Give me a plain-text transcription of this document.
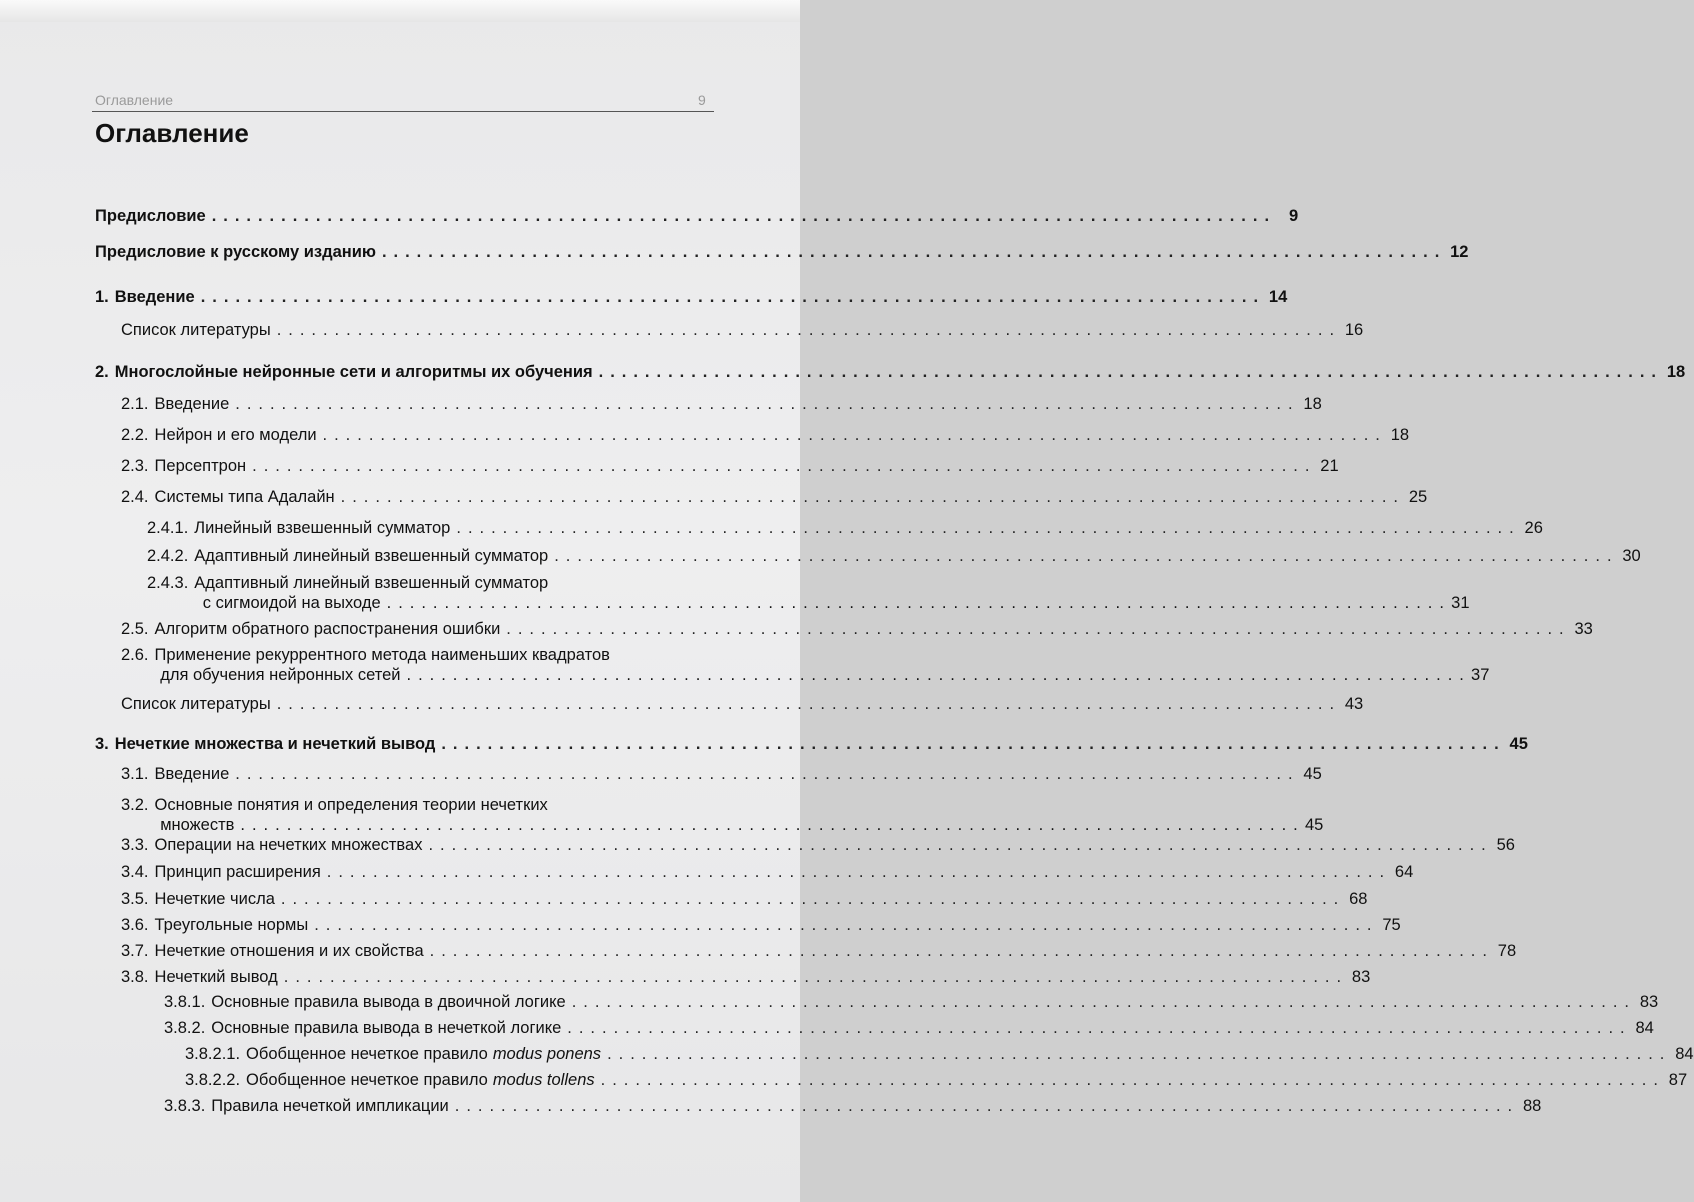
Оглавление	9
Оглавление
Предисловие . . . . . . . . . . . . . . . . . . . . . . . . . . . . . . . . . . . . . . . . . . . . . . . . . . . . . . . . . . . . . . . . . . . . . . . . . . . . . . . . . . . . . . . . . . . .	9
Предисловие к русскому изданию . . . . . . . . . . . . . . . . . . . . . . . . . . . . . . . . . . . . . . . . . . . . . . . . . . . . . . . . . . . . . . . . . . . . . . . . . . . . . . . . . . . . . . . . . . . . 12
1. Введение . . . . . . . . . . . . . . . . . . . . . . . . . . . . . . . . . . . . . . . . . . . . . . . . . . . . . . . . . . . . . . . . . . . . . . . . . . . . . . . . . . . . . . . . . . . . 14
Список литературы . . . . . . . . . . . . . . . . . . . . . . . . . . . . . . . . . . . . . . . . . . . . . . . . . . . . . . . . . . . . . . . . . . . . . . . . . . . . . . . . . . . . . . . . . . . . 16
2. Многослойные нейронные сети и алгоритмы их обучения . . . . . . . . . . . . . . . . . . . . . . . . . . . . . . . . . . . . . . . . . . . . . . . . . . . . . . . . . . . . . . . . . . . . . . . . . . . . . . . . . . . . . . . . . . . . 18
2.1. Введение . . . . . . . . . . . . . . . . . . . . . . . . . . . . . . . . . . . . . . . . . . . . . . . . . . . . . . . . . . . . . . . . . . . . . . . . . . . . . . . . . . . . . . . . . . . . 18
2.2. Нейрон и его модели . . . . . . . . . . . . . . . . . . . . . . . . . . . . . . . . . . . . . . . . . . . . . . . . . . . . . . . . . . . . . . . . . . . . . . . . . . . . . . . . . . . . . . . . . . . . 18
2.3. Персептрон . . . . . . . . . . . . . . . . . . . . . . . . . . . . . . . . . . . . . . . . . . . . . . . . . . . . . . . . . . . . . . . . . . . . . . . . . . . . . . . . . . . . . . . . . . . . 21
2.4. Системы типа Адалайн . . . . . . . . . . . . . . . . . . . . . . . . . . . . . . . . . . . . . . . . . . . . . . . . . . . . . . . . . . . . . . . . . . . . . . . . . . . . . . . . . . . . . . . . . . . . 25
2.4.1. Линейный взвешенный сумматор . . . . . . . . . . . . . . . . . . . . . . . . . . . . . . . . . . . . . . . . . . . . . . . . . . . . . . . . . . . . . . . . . . . . . . . . . . . . . . . . . . . . . . . . . . . . 26
2.4.2. Адаптивный линейный взвешенный сумматор . . . . . . . . . . . . . . . . . . . . . . . . . . . . . . . . . . . . . . . . . . . . . . . . . . . . . . . . . . . . . . . . . . . . . . . . . . . . . . . . . . . . . . . . . . . . 30
2.4.3. Адаптивный линейный взвешенный сумматор
с сигмоидой на выходе . . . . . . . . . . . . . . . . . . . . . . . . . . . . . . . . . . . . . . . . . . . . . . . . . . . . . . . . . . . . . . . . . . . . . . . . . . . . . . . . . . . . . . . . . . . . 31
2.5. Алгоритм обратного распостранения ошибки . . . . . . . . . . . . . . . . . . . . . . . . . . . . . . . . . . . . . . . . . . . . . . . . . . . . . . . . . . . . . . . . . . . . . . . . . . . . . . . . . . . . . . . . . . . . 33
2.6. Применение рекуррентного метода наименьших квадратов
для обучения нейронных сетей . . . . . . . . . . . . . . . . . . . . . . . . . . . . . . . . . . . . . . . . . . . . . . . . . . . . . . . . . . . . . . . . . . . . . . . . . . . . . . . . . . . . . . . . . . . . 37
Список литературы . . . . . . . . . . . . . . . . . . . . . . . . . . . . . . . . . . . . . . . . . . . . . . . . . . . . . . . . . . . . . . . . . . . . . . . . . . . . . . . . . . . . . . . . . . . . 43
3. Нечеткие множества и нечеткий вывод . . . . . . . . . . . . . . . . . . . . . . . . . . . . . . . . . . . . . . . . . . . . . . . . . . . . . . . . . . . . . . . . . . . . . . . . . . . . . . . . . . . . . . . . . . . . 45
3.1. Введение . . . . . . . . . . . . . . . . . . . . . . . . . . . . . . . . . . . . . . . . . . . . . . . . . . . . . . . . . . . . . . . . . . . . . . . . . . . . . . . . . . . . . . . . . . . . 45
3.2. Основные понятия и определения теории нечетких
множеств . . . . . . . . . . . . . . . . . . . . . . . . . . . . . . . . . . . . . . . . . . . . . . . . . . . . . . . . . . . . . . . . . . . . . . . . . . . . . . . . . . . . . . . . . . . . 45
3.3. Операции на нечетких множествах . . . . . . . . . . . . . . . . . . . . . . . . . . . . . . . . . . . . . . . . . . . . . . . . . . . . . . . . . . . . . . . . . . . . . . . . . . . . . . . . . . . . . . . . . . . . 56
3.4. Принцип расширения . . . . . . . . . . . . . . . . . . . . . . . . . . . . . . . . . . . . . . . . . . . . . . . . . . . . . . . . . . . . . . . . . . . . . . . . . . . . . . . . . . . . . . . . . . . . 64
3.5. Нечеткие числа . . . . . . . . . . . . . . . . . . . . . . . . . . . . . . . . . . . . . . . . . . . . . . . . . . . . . . . . . . . . . . . . . . . . . . . . . . . . . . . . . . . . . . . . . . . . 68
3.6. Треугольные нормы . . . . . . . . . . . . . . . . . . . . . . . . . . . . . . . . . . . . . . . . . . . . . . . . . . . . . . . . . . . . . . . . . . . . . . . . . . . . . . . . . . . . . . . . . . . . 75
3.7. Нечеткие отношения и их свойства . . . . . . . . . . . . . . . . . . . . . . . . . . . . . . . . . . . . . . . . . . . . . . . . . . . . . . . . . . . . . . . . . . . . . . . . . . . . . . . . . . . . . . . . . . . . 78
3.8. Нечеткий вывод . . . . . . . . . . . . . . . . . . . . . . . . . . . . . . . . . . . . . . . . . . . . . . . . . . . . . . . . . . . . . . . . . . . . . . . . . . . . . . . . . . . . . . . . . . . . 83
3.8.1. Основные правила вывода в двоичной логике . . . . . . . . . . . . . . . . . . . . . . . . . . . . . . . . . . . . . . . . . . . . . . . . . . . . . . . . . . . . . . . . . . . . . . . . . . . . . . . . . . . . . . . . . . . . 83
3.8.2. Основные правила вывода в нечеткой логике . . . . . . . . . . . . . . . . . . . . . . . . . . . . . . . . . . . . . . . . . . . . . . . . . . . . . . . . . . . . . . . . . . . . . . . . . . . . . . . . . . . . . . . . . . . . 84
3.8.2.1. Обобщенное нечеткое правило modus ponens . . . . . . . . . . . . . . . . . . . . . . . . . . . . . . . . . . . . . . . . . . . . . . . . . . . . . . . . . . . . . . . . . . . . . . . . . . . . . . . . . . . . . . . . . . . . 84
3.8.2.2. Обобщенное нечеткое правило modus tollens . . . . . . . . . . . . . . . . . . . . . . . . . . . . . . . . . . . . . . . . . . . . . . . . . . . . . . . . . . . . . . . . . . . . . . . . . . . . . . . . . . . . . . . . . . . . 87
3.8.3. Правила нечеткой импликации . . . . . . . . . . . . . . . . . . . . . . . . . . . . . . . . . . . . . . . . . . . . . . . . . . . . . . . . . . . . . . . . . . . . . . . . . . . . . . . . . . . . . . . . . . . . 88
